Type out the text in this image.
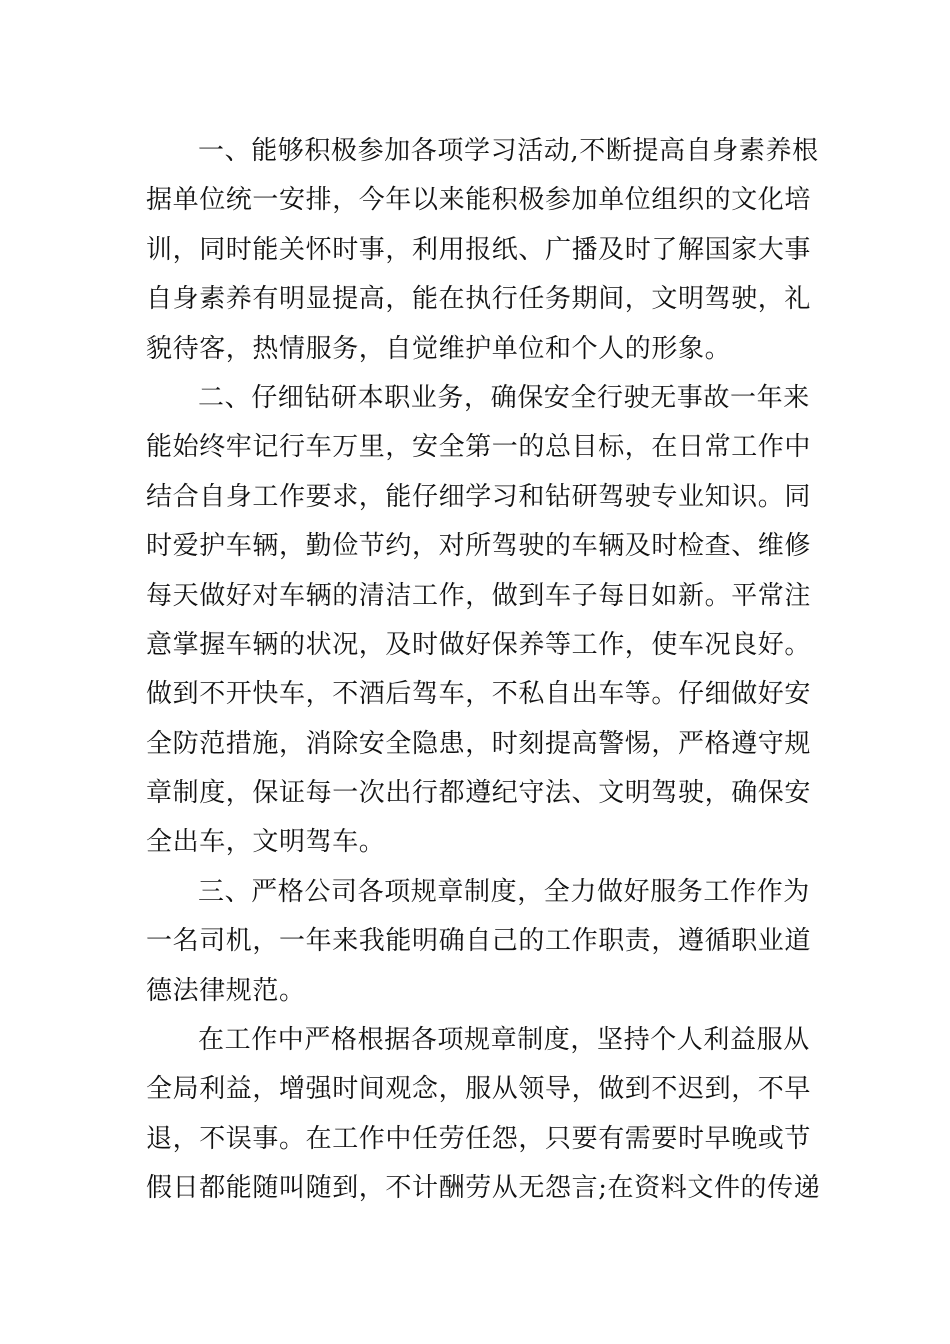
一、能够积极参加各项学习活动,不断提高自身素养根
据单位统一安排，今年以来能积极参加单位组织的文化培
训，同时能关怀时事，利用报纸、广播及时了解国家大事
自身素养有明显提高，能在执行任务期间，文明驾驶，礼
貌待客，热情服务，自觉维护单位和个人的形象。
二、仔细钻研本职业务，确保安全行驶无事故一年来
能始终牢记行车万里，安全第一的总目标，在日常工作中
结合自身工作要求，能仔细学习和钻研驾驶专业知识。同
时爱护车辆，勤俭节约，对所驾驶的车辆及时检查、维修
每天做好对车辆的清洁工作，做到车子每日如新。平常注
意掌握车辆的状况，及时做好保养等工作，使车况良好。
做到不开快车，不酒后驾车，不私自出车等。仔细做好安
全防范措施，消除安全隐患，时刻提高警惕，严格遵守规
章制度，保证每一次出行都遵纪守法、文明驾驶，确保安
全出车，文明驾车。
三、严格公司各项规章制度，全力做好服务工作作为
一名司机，一年来我能明确自己的工作职责，遵循职业道
德法律规范。
在工作中严格根据各项规章制度，坚持个人利益服从
全局利益，增强时间观念，服从领导，做到不迟到，不早
退，不误事。在工作中任劳任怨，只要有需要时早晚或节
假日都能随叫随到，不计酬劳从无怨言;在资料文件的传递
